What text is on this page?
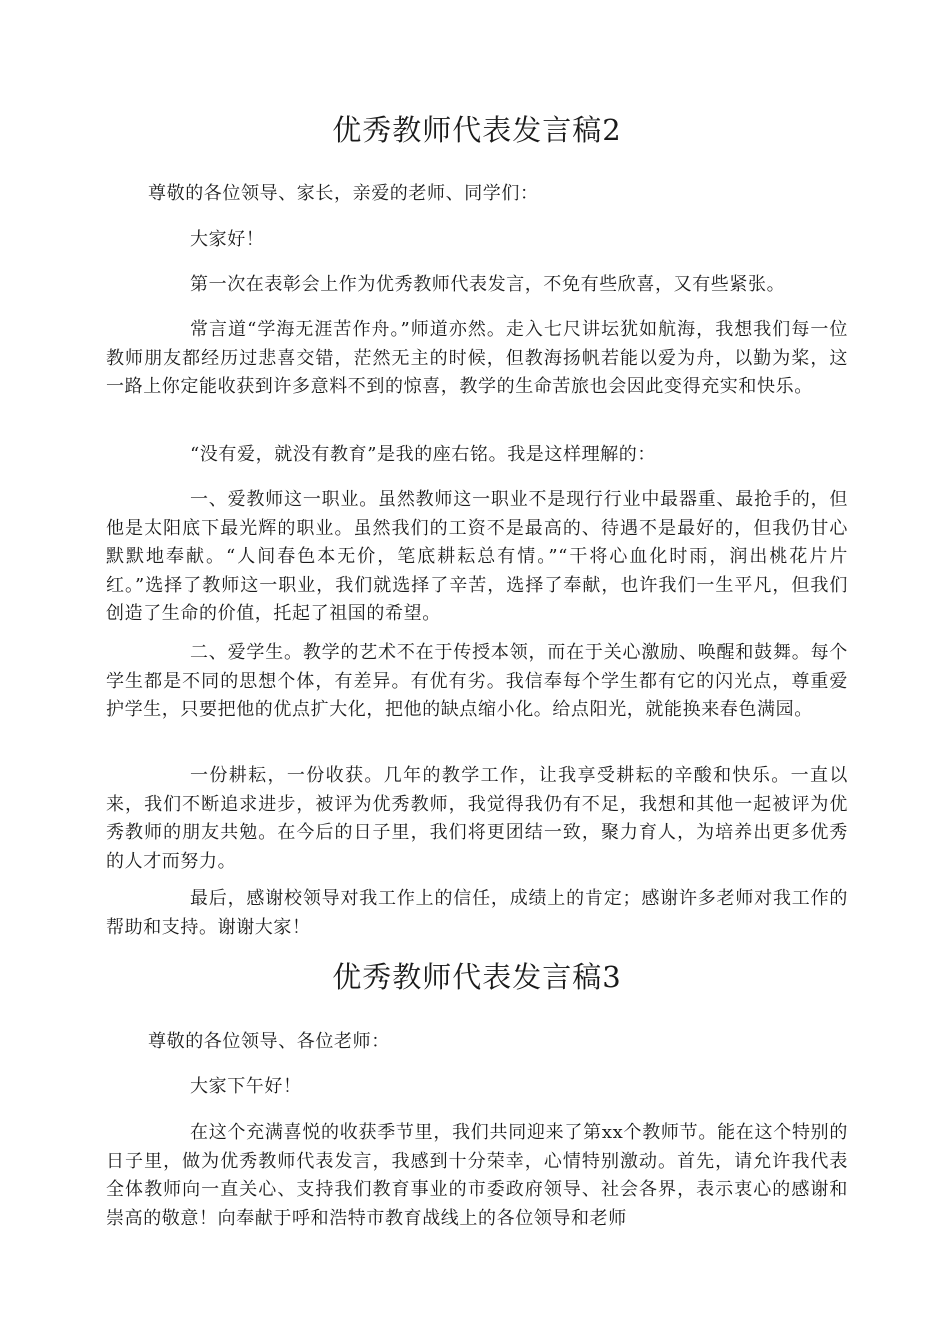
优秀教师代表发言稿2

尊敬的各位领导、家长，亲爱的老师、同学们：

大家好！

第一次在表彰会上作为优秀教师代表发言，不免有些欣喜，又有些紧张。

常言道“学海无涯苦作舟。”师道亦然。走入七尺讲坛犹如航海，我想我们每一位教师朋友都经历过悲喜交错，茫然无主的时候，但教海扬帆若能以爱为舟，以勤为桨，这一路上你定能收获到许多意料不到的惊喜，教学的生命苦旅也会因此变得充实和快乐。

“没有爱，就没有教育”是我的座右铭。我是这样理解的：

一、爱教师这一职业。虽然教师这一职业不是现行行业中最器重、最抢手的，但他是太阳底下最光辉的职业。虽然我们的工资不是最高的、待遇不是最好的，但我仍甘心默默地奉献。“人间春色本无价，笔底耕耘总有情。”“干将心血化时雨，润出桃花片片红。”选择了教师这一职业，我们就选择了辛苦，选择了奉献，也许我们一生平凡，但我们创造了生命的价值，托起了祖国的希望。

二、爱学生。教学的艺术不在于传授本领，而在于关心激励、唤醒和鼓舞。每个学生都是不同的思想个体，有差异。有优有劣。我信奉每个学生都有它的闪光点，尊重爱护学生，只要把他的优点扩大化，把他的缺点缩小化。给点阳光，就能换来春色满园。

一份耕耘，一份收获。几年的教学工作，让我享受耕耘的辛酸和快乐。一直以来，我们不断追求进步，被评为优秀教师，我觉得我仍有不足，我想和其他一起被评为优秀教师的朋友共勉。在今后的日子里，我们将更团结一致，聚力育人，为培养出更多优秀的人才而努力。

最后，感谢校领导对我工作上的信任，成绩上的肯定；感谢许多老师对我工作的帮助和支持。谢谢大家！

优秀教师代表发言稿3

尊敬的各位领导、各位老师：

大家下午好！

在这个充满喜悦的收获季节里，我们共同迎来了第xx个教师节。能在这个特别的日子里，做为优秀教师代表发言，我感到十分荣幸，心情特别激动。首先，请允许我代表全体教师向一直关心、支持我们教育事业的市委政府领导、社会各界，表示衷心的感谢和崇高的敬意！向奉献于呼和浩特市教育战线上的各位领导和老师
